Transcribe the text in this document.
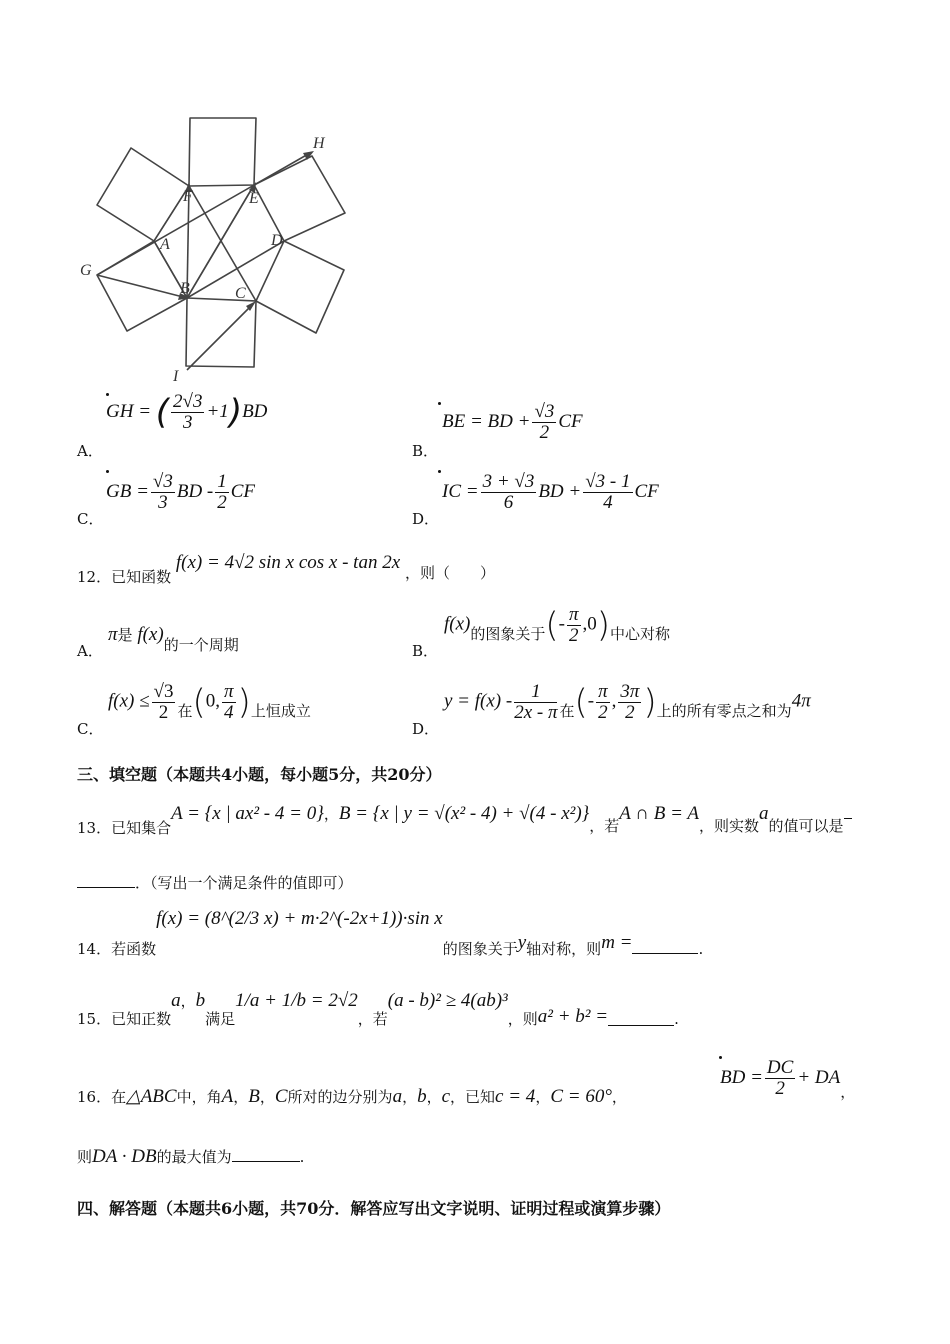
H
F	E
A	D
G
B	C
I
A．
GH = ( $\frac{2√3}{3} +1)BD$
B．
BE = BD + $\frac{√3}{2}$ CF
C．
GB = $\frac{√3}{3}$ BD - $\frac{1}{2}$ CF
D．
IC = $\frac{3 + √3}{6}$ BD + $\frac{√3 - 1}{4}$ CF
12．已知函数 f(x) = 4√2 sin x cos x - tan 2x ，则（　　）
A．
π是 f(x)的一个周期	B．
f(x)的图象关于(- $\frac{\pi}{2} ,0$)中心对称
C．
$f(x) \le \frac{√3}{2}$ 在(0, $\frac{\pi}{4}$ )上恒成立
D．
$y = f(x) - \frac{1}{2x - \pi}$ 在(- $\frac{\pi}{2}$ , $\frac{3\pi}{2}$ )上的所有零点之和为4π
三、填空题（本题共4小题，每小题5分，共20分）
13．已知集合A = {x | ax² - 4 = 0}，B = {x | y = √(x² - 4) + √(4 - x²)}，若A ∩ B = A，则实数a的值可以是
．（写出一个满足条件的值即可）
14．若函数f(x) = (8^(2/3 x) + m·2^(-2x+1))·sin x的图象关于y轴对称，则m =	.
15．已知正数a，b满足1/a + 1/b = 2√2，若(a - b)² ≥ 4(ab)³，则a² + b² =	.
16．在△ABC中，角A，B，C所对的边分别为a，b，c，已知c = 4，C = 60°，
BD = $\frac{DC}{2} + DA_,$
则DA · DB的最大值为	.
四、解答题（本题共6小题，共70分．解答应写出文字说明、证明过程或演算步骤）
